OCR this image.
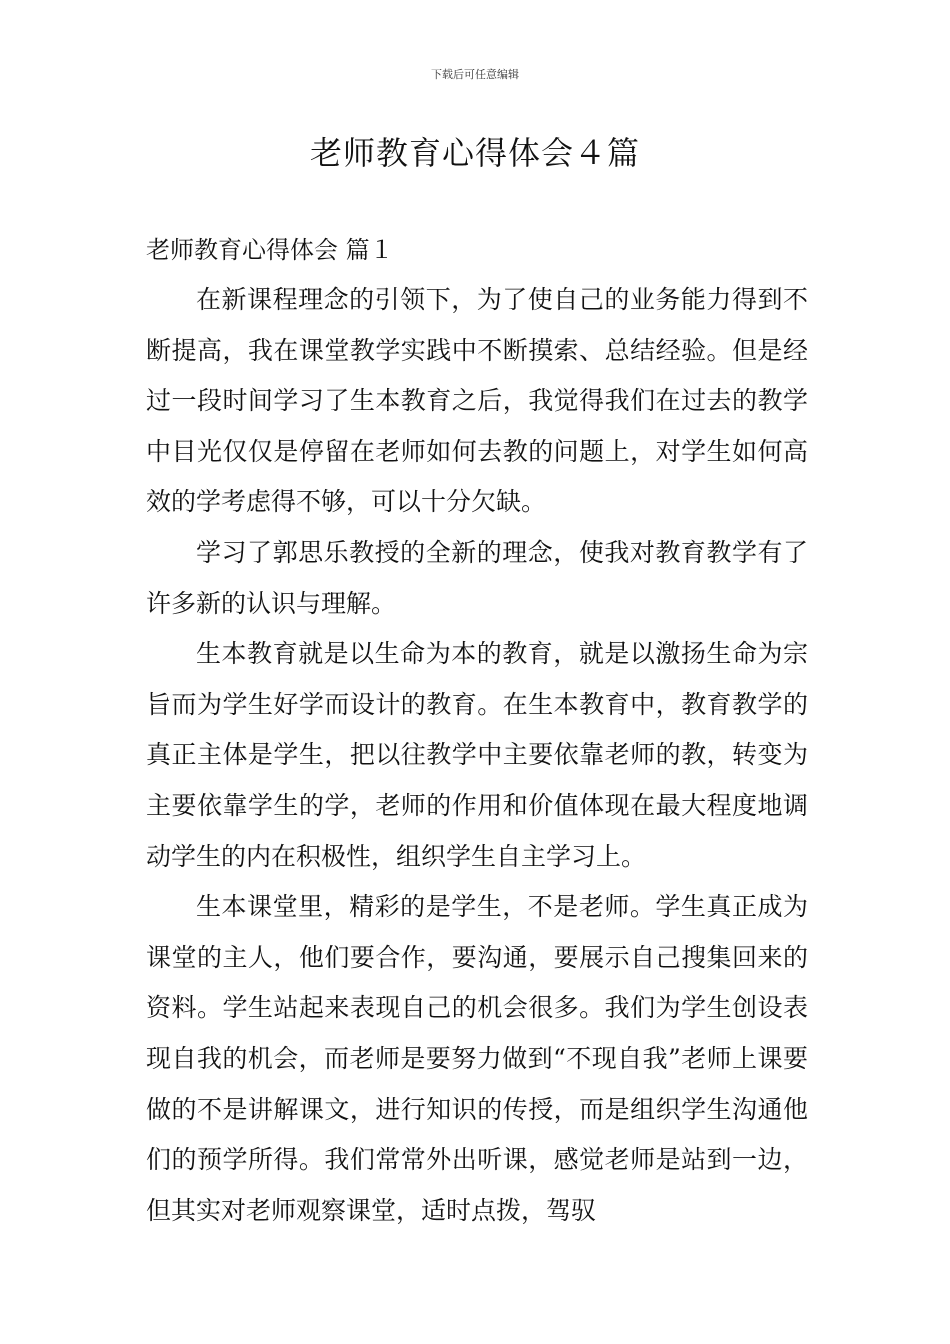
下载后可任意编辑
老师教育心得体会４篇

老师教育心得体会 篇１

在新课程理念的引领下，为了使自己的业务能力得到不断提高，我在课堂教学实践中不断摸索、总结经验。但是经过一段时间学习了生本教育之后，我觉得我们在过去的教学中目光仅仅是停留在老师如何去教的问题上，对学生如何高效的学考虑得不够，可以十分欠缺。

学习了郭思乐教授的全新的理念，使我对教育教学有了许多新的认识与理解。

生本教育就是以生命为本的教育，就是以激扬生命为宗旨而为学生好学而设计的教育。在生本教育中，教育教学的真正主体是学生，把以往教学中主要依靠老师的教，转变为主要依靠学生的学，老师的作用和价值体现在最大程度地调动学生的内在积极性，组织学生自主学习上。

生本课堂里，精彩的是学生，不是老师。学生真正成为课堂的主人，他们要合作，要沟通，要展示自己搜集回来的资料。学生站起来表现自己的机会很多。我们为学生创设表现自我的机会，而老师是要努力做到“不现自我”老师上课要做的不是讲解课文，进行知识的传授，而是组织学生沟通他们的预学所得。我们常常外出听课，感觉老师是站到一边，但其实对老师观察课堂，适时点拨，驾驭
